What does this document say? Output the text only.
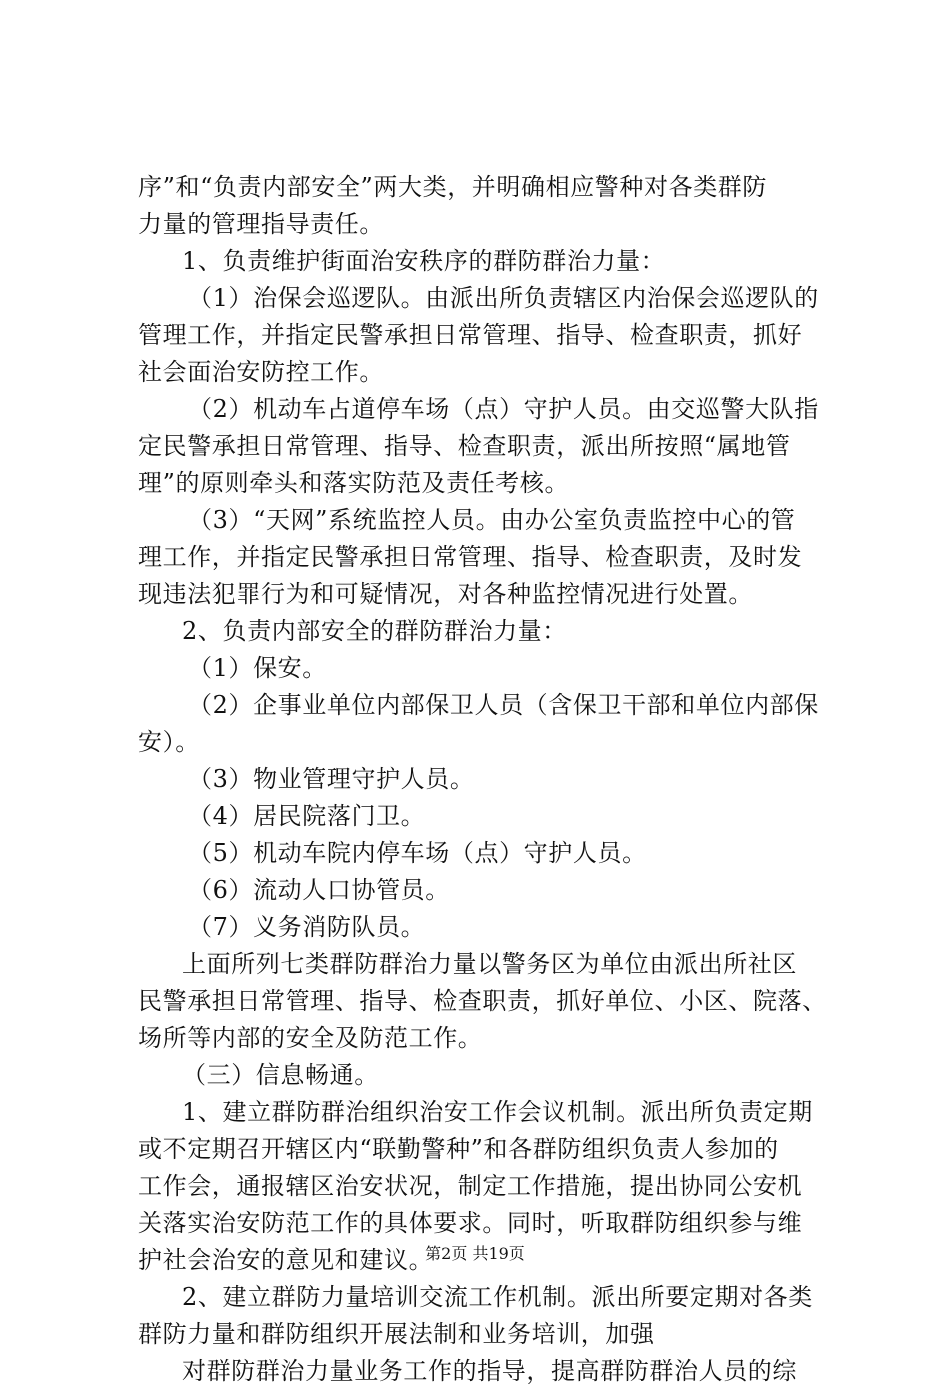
序”和“负责内部安全”两大类，并明确相应警种对各类群防
力量的管理指导责任。
1、负责维护街面治安秩序的群防群治力量：
（1）治保会巡逻队。由派出所负责辖区内治保会巡逻队的
管理工作，并指定民警承担日常管理、指导、检查职责，抓好
社会面治安防控工作。
（2）机动车占道停车场（点）守护人员。由交巡警大队指
定民警承担日常管理、指导、检查职责，派出所按照“属地管
理”的原则牵头和落实防范及责任考核。
（3）“天网”系统监控人员。由办公室负责监控中心的管
理工作，并指定民警承担日常管理、指导、检查职责，及时发
现违法犯罪行为和可疑情况，对各种监控情况进行处置。
2、负责内部安全的群防群治力量：
（1）保安。
（2）企事业单位内部保卫人员（含保卫干部和单位内部保
安）。
（3）物业管理守护人员。
（4）居民院落门卫。
（5）机动车院内停车场（点）守护人员。
（6）流动人口协管员。
（7）义务消防队员。
上面所列七类群防群治力量以警务区为单位由派出所社区
民警承担日常管理、指导、检查职责，抓好单位、小区、院落、
场所等内部的安全及防范工作。
（三）信息畅通。
1、建立群防群治组织治安工作会议机制。派出所负责定期
或不定期召开辖区内“联勤警种”和各群防组织负责人参加的
工作会，通报辖区治安状况，制定工作措施，提出协同公安机
关落实治安防范工作的具体要求。同时，听取群防组织参与维
护社会治安的意见和建议。
2、建立群防力量培训交流工作机制。派出所要定期对各类
群防力量和群防组织开展法制和业务培训，加强
对群防群治力量业务工作的指导，提高群防群治人员的综
第2页 共19页
